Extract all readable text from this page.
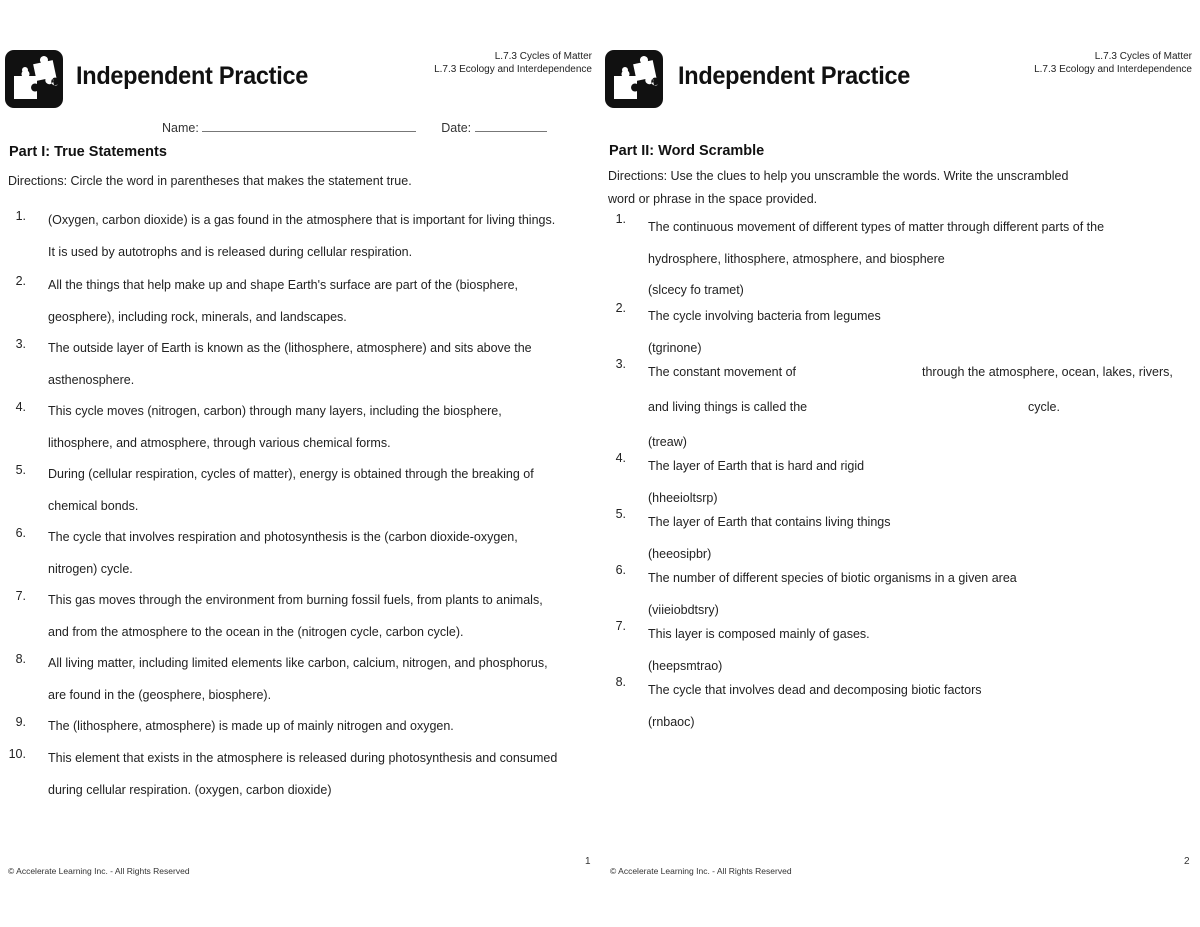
Independent Practice
L.7.3 Cycles of Matter
L.7.3 Ecology and Interdependence
Name:	Date:
Part I: True Statements
Directions: Circle the word in parentheses that makes the statement true.
1. (Oxygen, carbon dioxide) is a gas found in the atmosphere that is important for living things.
It is used by autotrophs and is released during cellular respiration.
2. All the things that help make up and shape Earth's surface are part of the (biosphere,
geosphere), including rock, minerals, and landscapes.
3. The outside layer of Earth is known as the (lithosphere, atmosphere) and sits above the
asthenosphere.
4. This cycle moves (nitrogen, carbon) through many layers, including the biosphere,
lithosphere, and atmosphere, through various chemical forms.
5. During (cellular respiration, cycles of matter), energy is obtained through the breaking of
chemical bonds.
6. The cycle that involves respiration and photosynthesis is the (carbon dioxide-oxygen,
nitrogen) cycle.
7. This gas moves through the environment from burning fossil fuels, from plants to animals,
and from the atmosphere to the ocean in the (nitrogen cycle, carbon cycle).
8. All living matter, including limited elements like carbon, calcium, nitrogen, and phosphorus,
are found in the (geosphere, biosphere).
9. The (lithosphere, atmosphere) is made up of mainly nitrogen and oxygen.
10. This element that exists in the atmosphere is released during photosynthesis and consumed
during cellular respiration. (oxygen, carbon dioxide)
1
© Accelerate Learning Inc. - All Rights Reserved
Independent Practice
L.7.3 Cycles of Matter
L.7.3 Ecology and Interdependence
Part II: Word Scramble
Directions: Use the clues to help you unscramble the words. Write the unscrambled
word or phrase in the space provided.
1.
The continuous movement of different types of matter through different parts of the
hydrosphere, lithosphere, atmosphere, and biosphere
(slcecy fo tramet)
2.
The cycle involving bacteria from legumes
(tgrinone)
3.
The constant movement of	through the atmosphere, ocean, lakes, rivers,
and living things is called the	cycle.
(treaw)
4.
The layer of Earth that is hard and rigid
(hheeioltsrp)
5.
The layer of Earth that contains living things
(heeosipbr)
6.
The number of different species of biotic organisms in a given area
(viieiobdtsry)
7.
This layer is composed mainly of gases.
(heepsmtrao)
8.
The cycle that involves dead and decomposing biotic factors
(rnbaoc)
2
© Accelerate Learning Inc. - All Rights Reserved
